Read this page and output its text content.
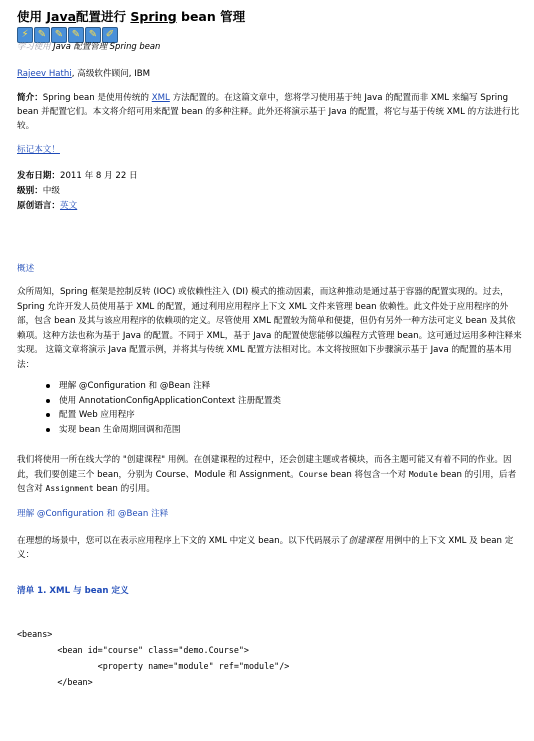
使用 Java配置进行 Spring bean 管理
⚡ ✎ ✎ ✎ ✎ ✐
学习使用 Java 配置管理 Spring bean
Rajeev Hathi, 高级软件顾问, IBM
简介：Spring bean 是使用传统的 XML 方法配置的。在这篇文章中，您将学习使用基于纯 Java 的配置而非 XML 来编写 Spring bean 并配置它们。本文将介绍可用来配置 bean 的多种注释。此外还将演示基于 Java 的配置，将它与基于传统 XML 的方法进行比较。
标记本文！
发布日期：2011 年 8 月 22 日
级别：中级
原创语言：英文
概述
众所周知，Spring 框架是控制反转 (IOC) 或依赖性注入 (DI) 模式的推动因素，而这种推动是通过基于容器的配置实现的。过去，Spring 允许开发人员使用基于 XML 的配置，通过利用应用程序上下文 XML 文件来管理 bean 依赖性。此文件处于应用程序的外部，包含 bean 及其与该应用程序的依赖项的定义。尽管使用 XML 配置较为简单和便捷，但仍有另外一种方法可定义 bean 及其依赖项。这种方法也称为基于 Java 的配置。不同于 XML，基于 Java 的配置使您能够以编程方式管理 bean。这可通过运用多种注释来实现。 这篇文章将演示 Java 配置示例，并将其与传统 XML 配置方法相对比。本文将按照如下步骤演示基于 Java 的配置的基本用法：
理解 @Configuration 和 @Bean 注释
使用 AnnotationConfigApplicationContext 注册配置类
配置 Web 应用程序
实现 bean 生命周期回调和范围
我们将使用一所在线大学的 "创建课程" 用例。在创建课程的过程中，还会创建主题或者模块，而各主题可能又有着不同的作业。因此，我们要创建三个 bean，分别为 Course、Module 和 Assignment。Course bean 将包含一个对 Module bean 的引用，后者包含对 Assignment bean 的引用。
理解 @Configuration 和 @Bean 注释
在理想的场景中，您可以在表示应用程序上下文的 XML 中定义 bean。以下代码展示了创建课程 用例中的上下文 XML 及 bean 定义：
清单 1. XML 与 bean 定义
<beans>
<bean id="course" class="demo.Course">
<property name="module" ref="module"/>
</bean>
